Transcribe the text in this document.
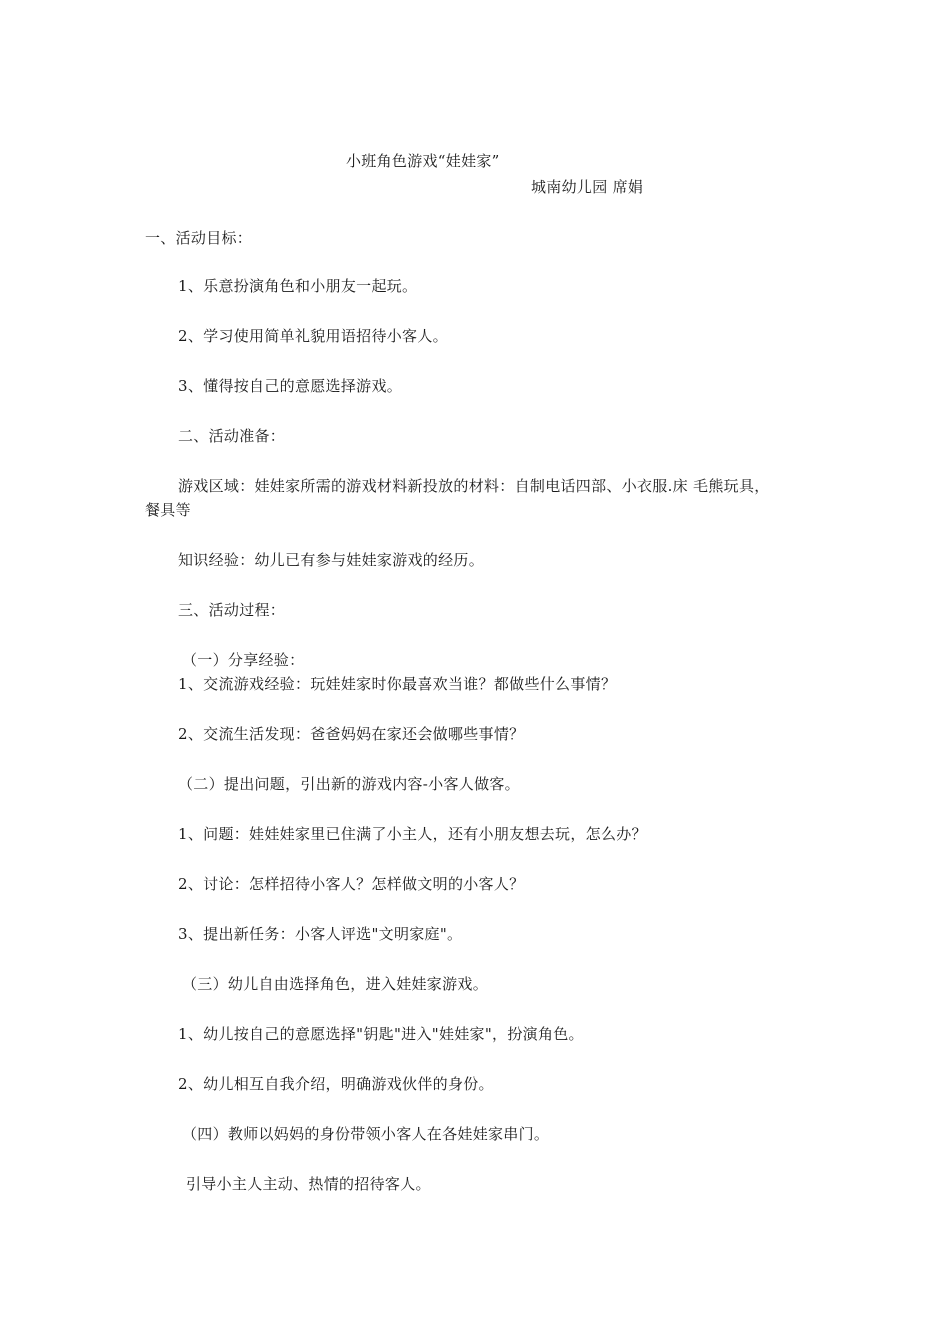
小班角色游戏“娃娃家”
城南幼儿园 席娟
一、活动目标：
1、乐意扮演角色和小朋友一起玩。
2、学习使用简单礼貌用语招待小客人。
3、懂得按自己的意愿选择游戏。
二、活动准备：
游戏区域：娃娃家所需的游戏材料新投放的材料：自制电话四部、小衣服.床 毛熊玩具，
餐具等
知识经验：幼儿已有参与娃娃家游戏的经历。
三、活动过程：
（一）分享经验：
1、交流游戏经验：玩娃娃家时你最喜欢当谁？都做些什么事情？
2、交流生活发现：爸爸妈妈在家还会做哪些事情？
（二）提出问题，引出新的游戏内容-小客人做客。
1、问题：娃娃娃家里已住满了小主人，还有小朋友想去玩，怎么办？
2、讨论：怎样招待小客人？怎样做文明的小客人？
3、提出新任务：小客人评选"文明家庭"。
（三）幼儿自由选择角色，进入娃娃家游戏。
1、幼儿按自己的意愿选择"钥匙"进入"娃娃家"，扮演角色。
2、幼儿相互自我介绍，明确游戏伙伴的身份。
（四）教师以妈妈的身份带领小客人在各娃娃家串门。
引导小主人主动、热情的招待客人。
